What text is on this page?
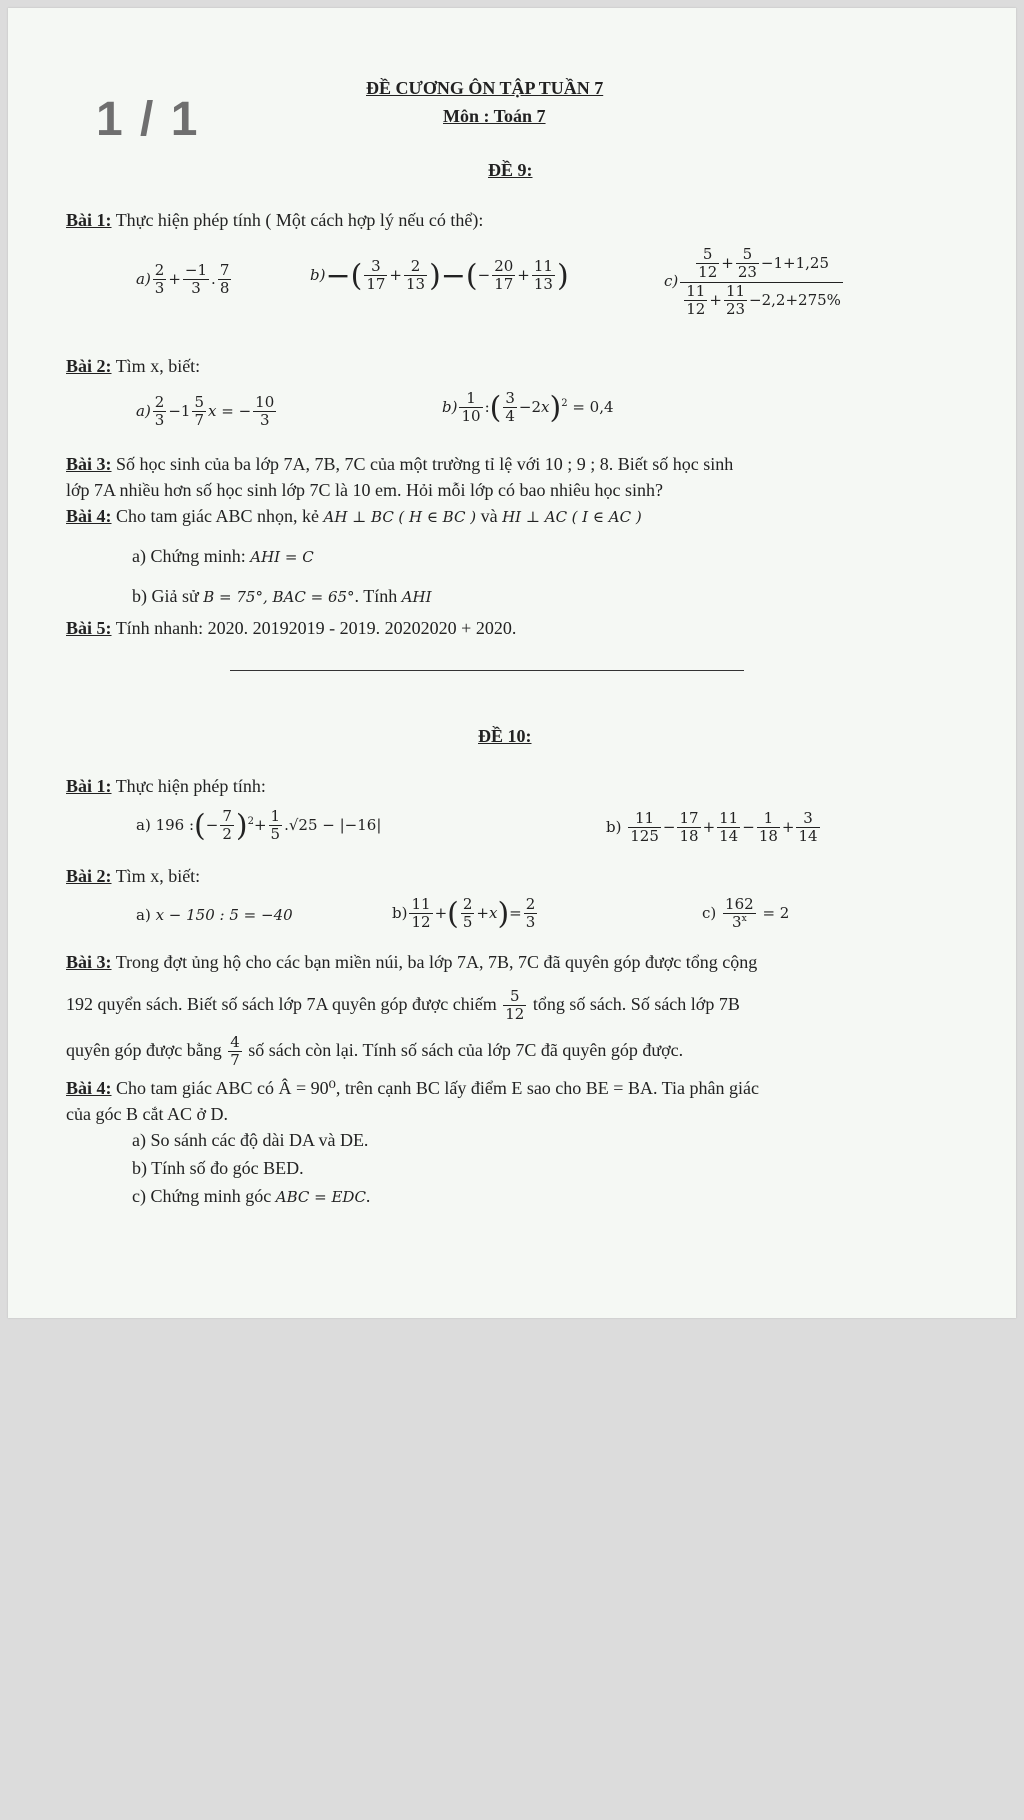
1 / 1
ĐỀ CƯƠNG ÔN TẬP TUẦN 7
Môn : Toán 7
ĐỀ 9:
Bài 1: Thực hiện phép tính ( Một cách hợp lý nếu có thể):
$a) \frac{2}{3} + \frac{-1}{3}$ . $\frac{7}{8}$	$b)-( \frac{3}{17} + \frac{2}{13}$ )−(− $\frac{20}{17} + \frac{11}{13}$ )	$c) \frac{\frac{5}{12} + \frac{5}{23} -1+1,25}{\frac{11}{12} + \frac{11}{23} -2,2+275\%}$
Bài 2: Tìm x, biết:
$a) \frac{2}{3} -1 \frac{5}{7}$ x = − $\frac{10}{3}$	$b) \frac{1}{10}$ :( $\frac{3}{4} -2x)^2 = 0,4$
Bài 3: Số học sinh của ba lớp 7A, 7B, 7C của một trường tỉ lệ với 10 ; 9 ; 8. Biết số học sinh
lớp 7A nhiều hơn số học sinh lớp 7C là 10 em. Hỏi mỗi lớp có bao nhiêu học sinh?
Bài 4: Cho tam giác ABC nhọn, kẻ AH ⊥ BC ( H ∈ BC ) và HI ⊥ AC ( I ∈ AC )
a) Chứng minh: AHI = C
b) Giả sử B = 75°, BAC = 65°. Tính AHI
Bài 5: Tính nhanh: 2020. 20192019 - 2019. 20202020 + 2020.
ĐỀ 10:
Bài 1: Thực hiện phép tính:
a) 196 :(− $\frac{7}{2} )^2+ \frac{1}{5} .√25 - |-16|$	$b) \frac{11}{125} - \frac{17}{18} + \frac{11}{14} - \frac{1}{18} + \frac{3}{14}$
Bài 2: Tìm x, biết:
a) x − 150 : 5 = −40	$b) \frac{11}{12}$ +( $\frac{2}{5} +x)= \frac{2}{3}$	$c) \frac{162}{3^x} = 2$
Bài 3: Trong đợt ủng hộ cho các bạn miền núi, ba lớp 7A, 7B, 7C đã quyên góp được tổng cộng
192 quyển sách. Biết số sách lớp 7A quyên góp được chiếm $\frac{5}{12}$ tổng số sách. Số sách lớp 7B
quyên góp được bằng $\frac{4}{7}$ số sách còn lại. Tính số sách của lớp 7C đã quyên góp được.
Bài 4: Cho tam giác ABC có Â = 90⁰, trên cạnh BC lấy điểm E sao cho BE = BA. Tia phân giác
của góc B cắt AC ở D.
a) So sánh các độ dài DA và DE.
b) Tính số đo góc BED.
c) Chứng minh góc ABC = EDC.
